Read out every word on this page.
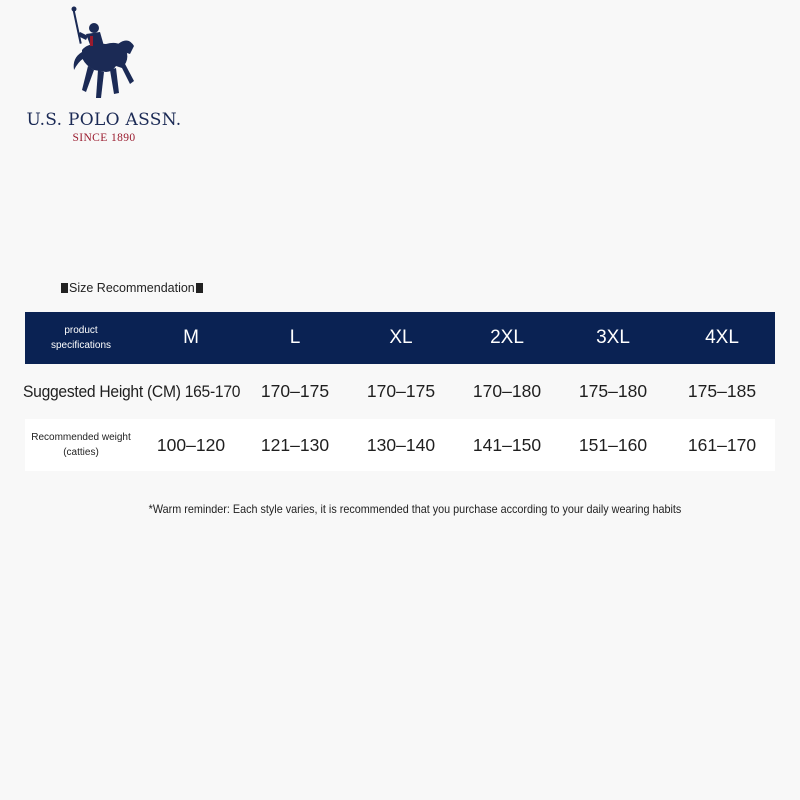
U.S. POLO ASSN.
SINCE 1890
Size Recommendation
product
specifications	M	L	XL	2XL	3XL	4XL
Suggested Height (CM) 165-170	170–175	170–175	170–180	175–180	175–185
Recommended weight
(catties)	100–120	121–130	130–140	141–150	151–160	161–170
*Warm reminder: Each style varies, it is recommended that you purchase according to your daily wearing habits
